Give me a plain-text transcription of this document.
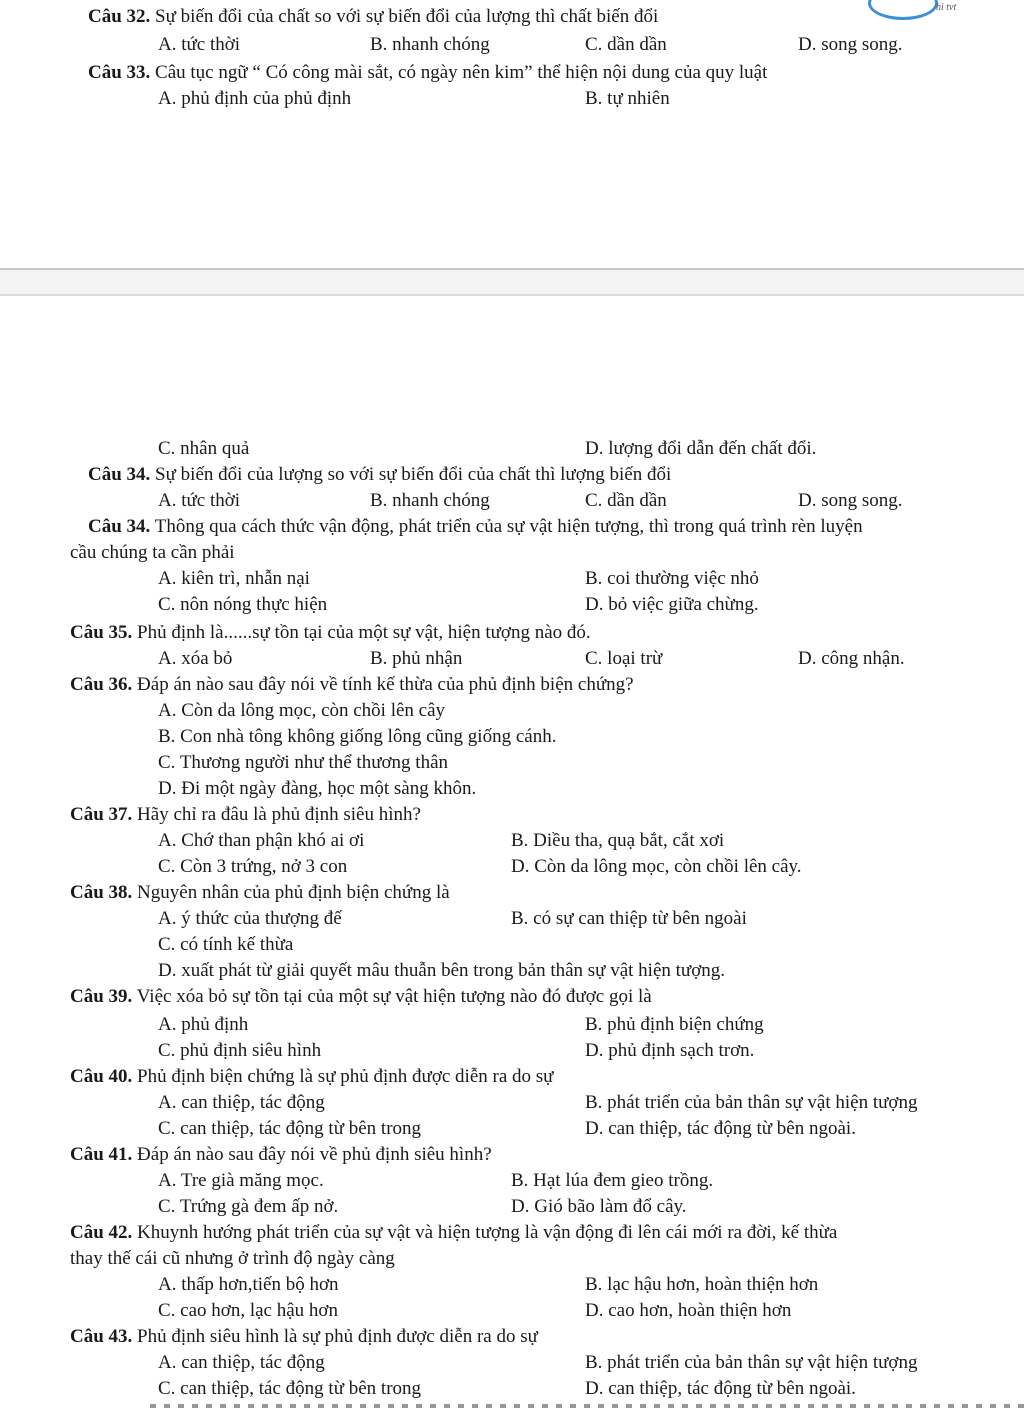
hi tvt
Câu 32. Sự biến đổi của chất so với sự biến đổi của lượng thì chất biến đổi
A. tức thời	B. nhanh chóng	C. dần dần	D. song song.
Câu 33. Câu tục ngữ “ Có công mài sắt, có ngày nên kim” thể hiện nội dung của quy luật
A. phủ định của phủ định	B. tự nhiên
C. nhân quả	D. lượng đổi dẫn đến chất đổi.
Câu 34. Sự biến đổi của lượng so với sự biến đổi của chất thì lượng biến đổi
A. tức thời	B. nhanh chóng	C. dần dần	D. song song.
Câu 34. Thông qua cách thức vận động, phát triển của sự vật hiện tượng, thì trong quá trình rèn luyện
cầu chúng ta cần phải
A. kiên trì, nhẫn nại	B. coi thường việc nhỏ
C. nôn nóng thực hiện	D. bỏ việc giữa chừng.
Câu 35. Phủ định là......sự tồn tại của một sự vật, hiện tượng nào đó.
A. xóa bỏ	B. phủ nhận	C. loại trừ	D. công nhận.
Câu 36. Đáp án nào sau đây nói về tính kế thừa của phủ định biện chứng?
A. Còn da lông mọc, còn chồi lên cây
B. Con nhà tông không giống lông cũng giống cánh.
C. Thương người như thể thương thân
D. Đi một ngày đàng, học một sàng khôn.
Câu 37. Hãy chỉ ra đâu là phủ định siêu hình?
A. Chớ than phận khó ai ơi	B. Diều tha, quạ bắt, cắt xơi
C. Còn 3 trứng, nở 3 con	D. Còn da lông mọc, còn chồi lên cây.
Câu 38. Nguyên nhân của phủ định biện chứng là
A. ý thức của thượng đế	B. có sự can thiệp từ bên ngoài
C. có tính kế thừa
D. xuất phát từ giải quyết mâu thuẫn bên trong bản thân sự vật hiện tượng.
Câu 39. Việc xóa bỏ sự tồn tại của một sự vật hiện tượng nào đó được gọi là
A. phủ định	B. phủ định biện chứng
C. phủ định siêu hình	D. phủ định sạch trơn.
Câu 40. Phủ định biện chứng là sự phủ định được diễn ra do sự
A. can thiệp, tác động	B. phát triển của bản thân sự vật hiện tượng
C. can thiệp, tác động từ bên trong	D. can thiệp, tác động từ bên ngoài.
Câu 41. Đáp án nào sau đây nói về phủ định siêu hình?
A. Tre già măng mọc.	B. Hạt lúa đem gieo trồng.
C. Trứng gà đem ấp nở.	D. Gió bão làm đổ cây.
Câu 42. Khuynh hướng phát triển của sự vật và hiện tượng là vận động đi lên cái mới ra đời, kế thừa
thay thế cái cũ nhưng ở trình độ ngày càng
A. thấp hơn,tiến bộ hơn	B. lạc hậu hơn, hoàn thiện hơn
C. cao hơn, lạc hậu hơn	D. cao hơn, hoàn thiện hơn
Câu 43. Phủ định siêu hình là sự phủ định được diễn ra do sự
A. can thiệp, tác động	B. phát triển của bản thân sự vật hiện tượng
C. can thiệp, tác động từ bên trong	D. can thiệp, tác động từ bên ngoài.
